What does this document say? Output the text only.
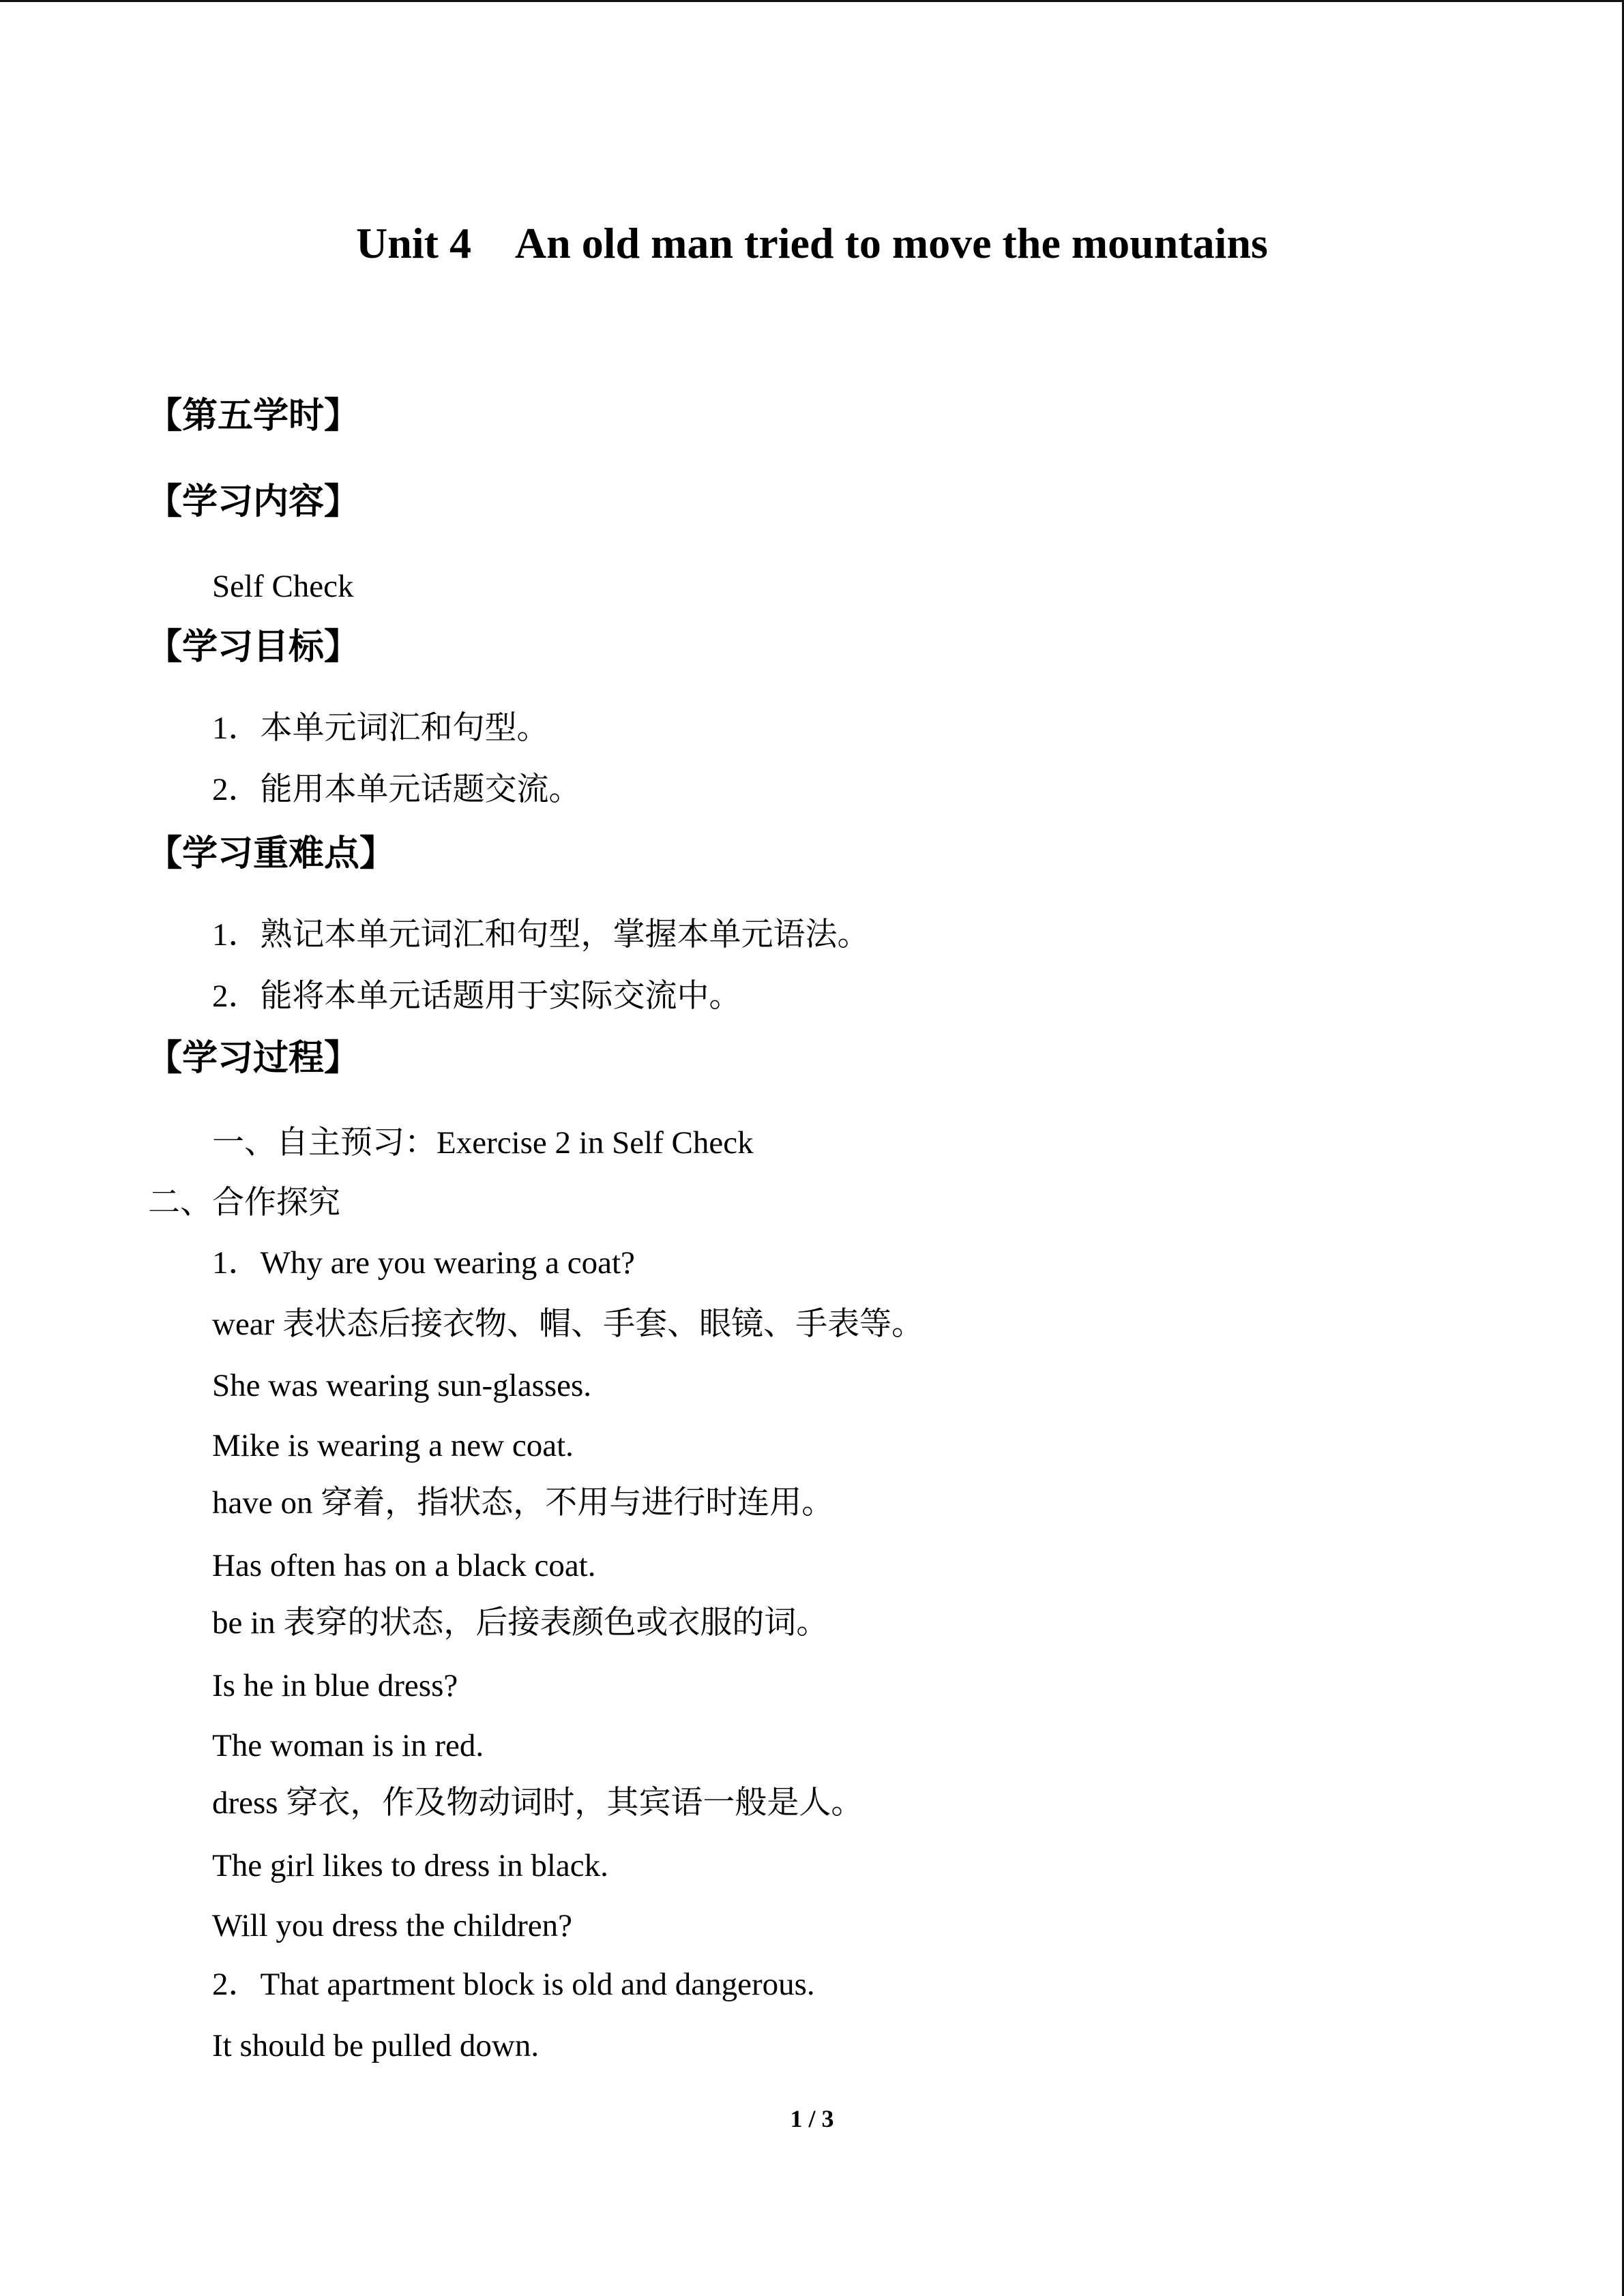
Unit 4　An old man tried to move the mountains
【第五学时】
【学习内容】
Self Check
【学习目标】
1．本单元词汇和句型。
2．能用本单元话题交流。
【学习重难点】
1．熟记本单元词汇和句型，掌握本单元语法。
2．能将本单元话题用于实际交流中。
【学习过程】
一、自主预习：Exercise 2 in Self Check
二、合作探究
1．Why are you wearing a coat?
wear 表状态后接衣物、帽、手套、眼镜、手表等。
She was wearing sun-glasses.
Mike is wearing a new coat.
have on 穿着，指状态，不用与进行时连用。
Has often has on a black coat.
be in 表穿的状态，后接表颜色或衣服的词。
Is he in blue dress?
The woman is in red.
dress 穿衣，作及物动词时，其宾语一般是人。
The girl likes to dress in black.
Will you dress the children?
2．That apartment block is old and dangerous.
It should be pulled down.
1 / 3
